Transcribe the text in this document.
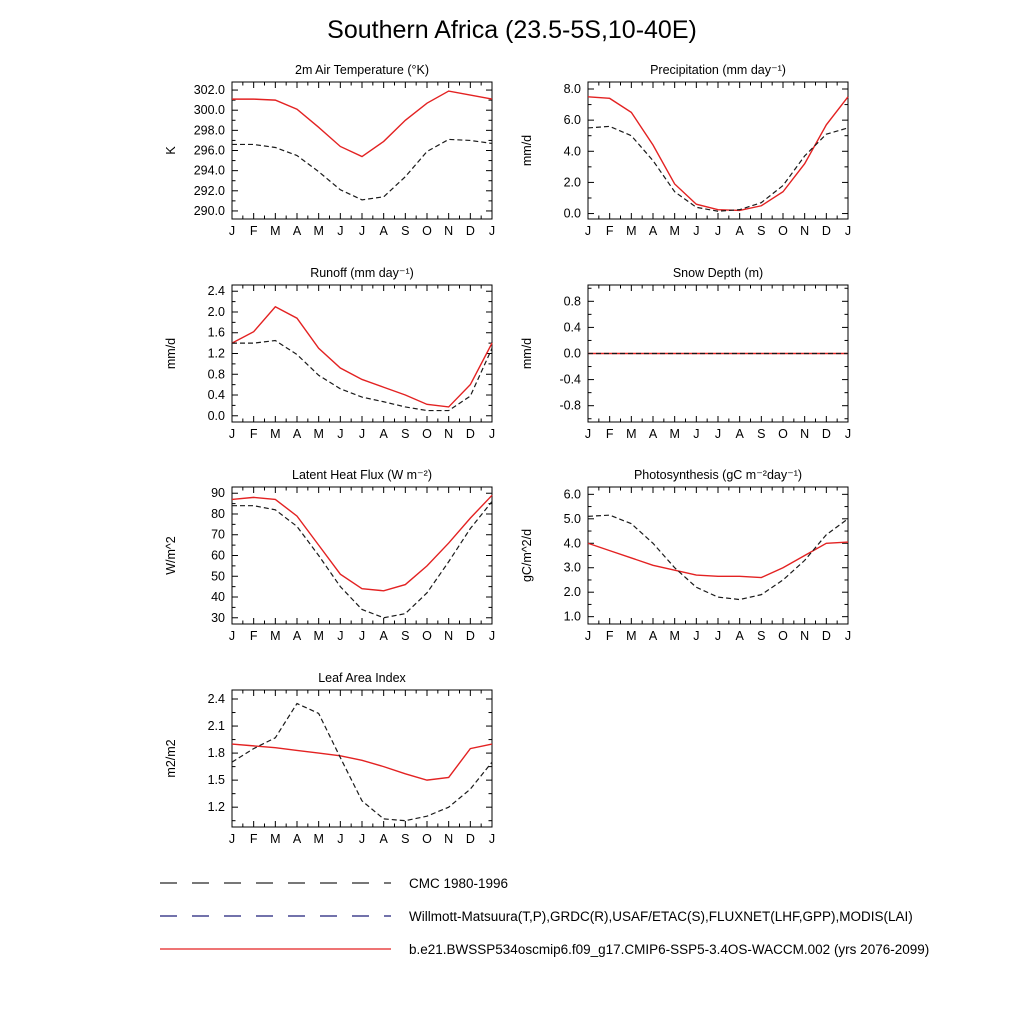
Southern Africa (23.5-5S,10-40E)
2m Air Temperature (°K)
K
290.0
292.0
294.0
296.0
298.0
300.0
302.0
J F M A M J J A S O N D J
Precipitation (mm day⁻¹)
mm/d
0.0
2.0
4.0
6.0
8.0
J F M A M J J A S O N D J
Runoff (mm day⁻¹)
mm/d
0.0
0.4
0.8
1.2
1.6
2.0
2.4
J F M A M J J A S O N D J
Snow Depth (m)
mm/d
-0.8
-0.4
0.0
0.4
0.8
J F M A M J J A S O N D J
Latent Heat Flux (W m⁻²)
W/m^2
30
40
50
60
70
80
90
J F M A M J J A S O N D J
Photosynthesis (gC m⁻²day⁻¹)
gC/m^2/d
1.0
2.0
3.0
4.0
5.0
6.0
J F M A M J J A S O N D J
Leaf Area Index
m2/m2
1.2
1.5
1.8
2.1
2.4
J F M A M J J A S O N D J
CMC 1980-1996
Willmott-Matsuura(T,P),GRDC(R),USAF/ETAC(S),FLUXNET(LHF,GPP),MODIS(LAI)
b.e21.BWSSP534oscmip6.f09_g17.CMIP6-SSP5-3.4OS-WACCM.002 (yrs 2076-2099)
